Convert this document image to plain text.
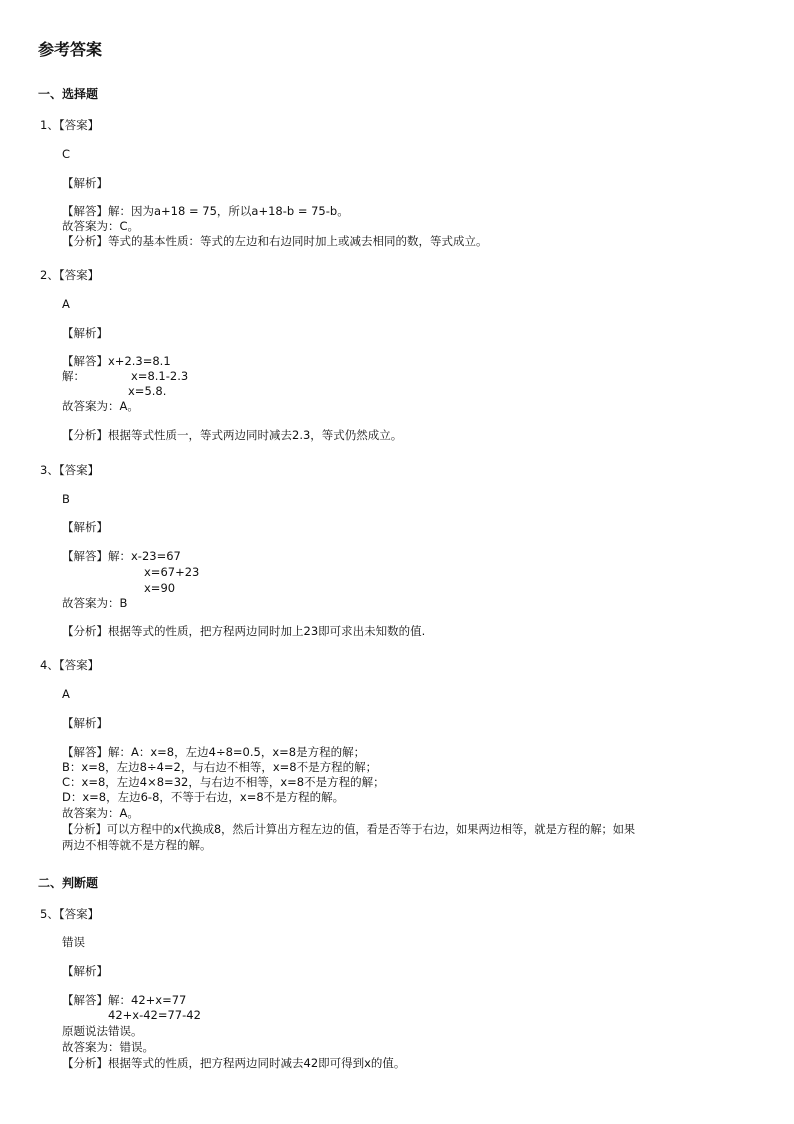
参考答案
一、选择题
1、【答案】
C
【解析】
【解答】解：因为a+18 = 75，所以a+18-b = 75-b。
故答案为：C。
【分析】等式的基本性质：等式的左边和右边同时加上或减去相同的数，等式成立。
2、【答案】
A
【解析】
【解答】x+2.3=8.1
解：	x=8.1-2.3
x=5.8.
故答案为：A。
【分析】根据等式性质一，等式两边同时减去2.3，等式仍然成立。
3、【答案】
B
【解析】
【解答】解：x-23=67
x=67+23
x=90
故答案为：B
【分析】根据等式的性质，把方程两边同时加上23即可求出未知数的值.
4、【答案】
A
【解析】
【解答】解：A：x=8，左边4÷8=0.5，x=8是方程的解；
B：x=8，左边8÷4=2，与右边不相等，x=8不是方程的解；
C：x=8，左边4×8=32，与右边不相等，x=8不是方程的解；
D：x=8，左边6-8，不等于右边，x=8不是方程的解。
故答案为：A。
【分析】可以方程中的x代换成8，然后计算出方程左边的值，看是否等于右边，如果两边相等，就是方程的解；如果
两边不相等就不是方程的解。
二、判断题
5、【答案】
错误
【解析】
【解答】解：42+x=77
42+x-42=77-42
原题说法错误。
故答案为：错误。
【分析】根据等式的性质，把方程两边同时减去42即可得到x的值。
